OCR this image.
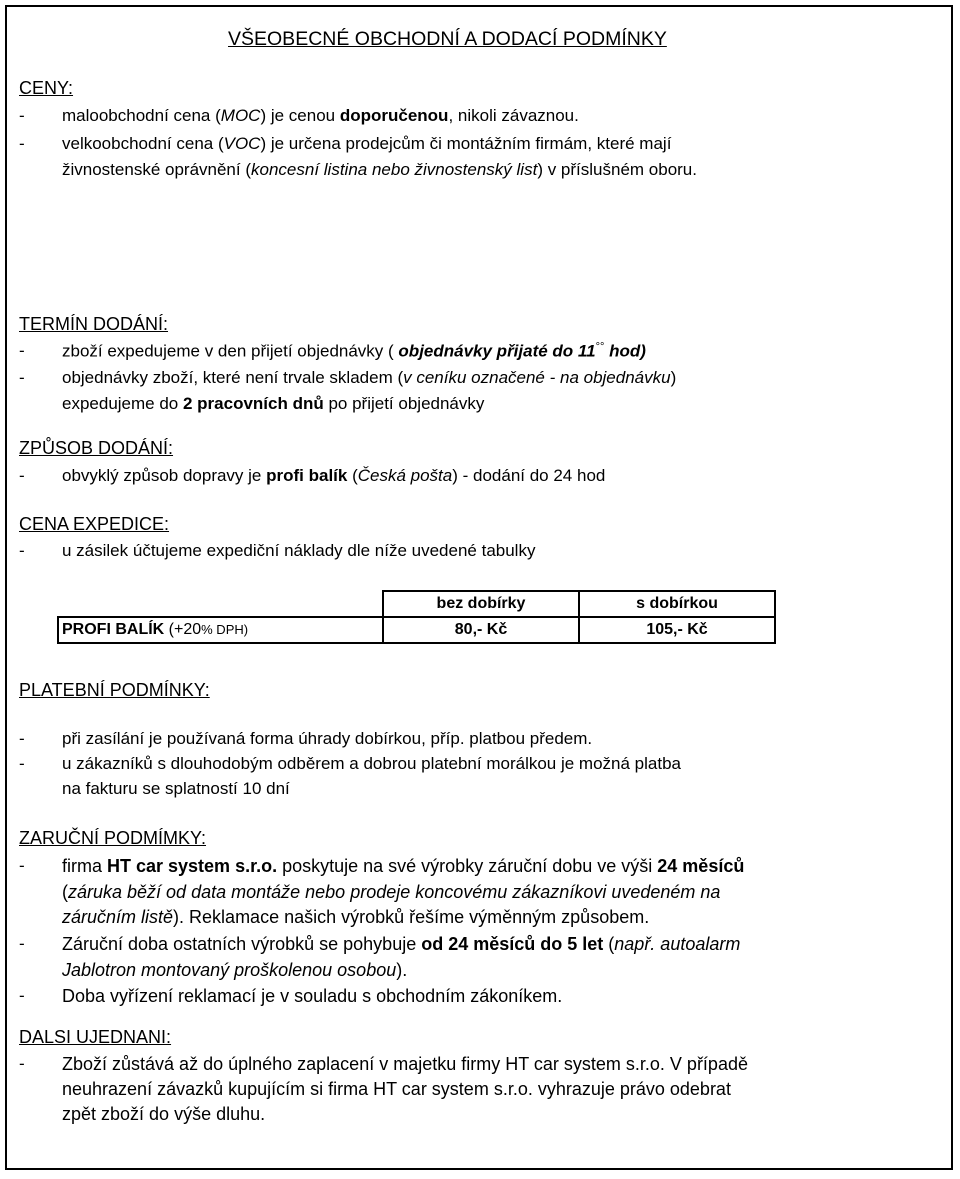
VŠEOBECNÉ OBCHODNÍ A DODACÍ PODMÍNKY
CENY:
- maloobchodní cena (MOC) je cenou doporučenou, nikoli závaznou.
- velkoobchodní cena (VOC) je určena prodejcům či montážním firmám, které mají
živnostenské oprávnění (koncesní listina nebo živnostenský list) v příslušném oboru.
TERMÍN DODÁNÍ:
- zboží expedujeme v den přijetí objednávky ( objednávky přijaté do 11°° hod)
- objednávky zboží, které není trvale skladem (v ceníku označené - na objednávku)
expedujeme do 2 pracovních dnů po přijetí objednávky
ZPŮSOB DODÁNÍ:
- obvyklý způsob dopravy je profi balík (Česká pošta) - dodání do 24 hod
CENA EXPEDICE:
- u zásilek účtujeme expediční náklady dle níže uvedené tabulky
	bez dobírky	s dobírkou
PROFI BALÍK (+20% DPH)	80,- Kč	105,- Kč
PLATEBNÍ PODMÍNKY:
- při zasílání je používaná forma úhrady dobírkou, příp. platbou předem.
- u zákazníků s dlouhodobým odběrem a dobrou platební morálkou je možná platba
na fakturu se splatností 10 dní
ZARUČNÍ PODMÍMKY:
- firma HT car system s.r.o. poskytuje na své výrobky záruční dobu ve výši 24 měsíců
(záruka běží od data montáže nebo prodeje koncovému zákazníkovi uvedeném na
záručním listě). Reklamace našich výrobků řešíme výměnným způsobem.
- Záruční doba ostatních výrobků se pohybuje od 24 měsíců do 5 let (např. autoalarm
Jablotron montovaný proškolenou osobou).
- Doba vyřízení reklamací je v souladu s obchodním zákoníkem.
DALSI UJEDNANI:
- Zboží zůstává až do úplného zaplacení v majetku firmy HT car system s.r.o. V případě
neuhrazení závazků kupujícím si firma HT car system s.r.o. vyhrazuje právo odebrat
zpět zboží do výše dluhu.
